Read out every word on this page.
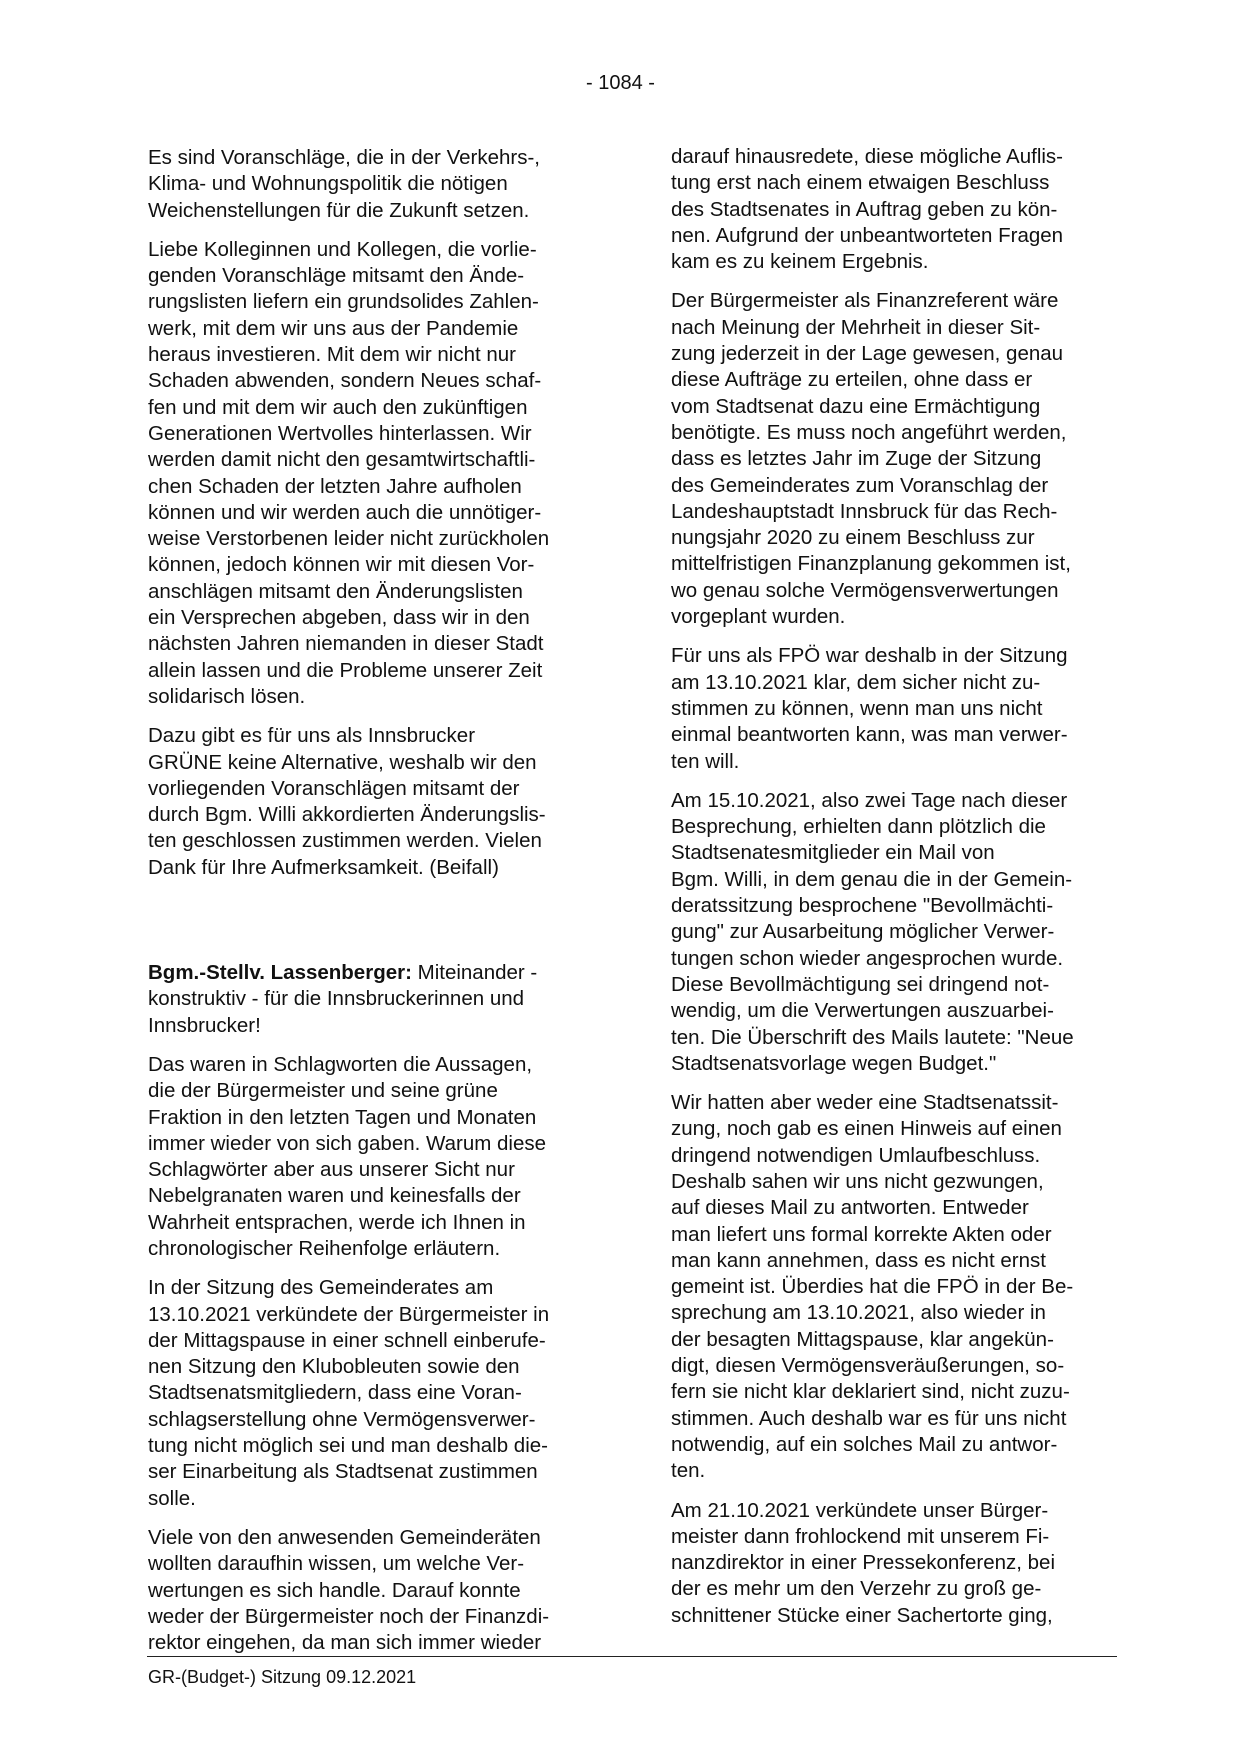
- 1084 -

Es sind Voranschläge, die in der Verkehrs-,
Klima- und Wohnungspolitik die nötigen
Weichenstellungen für die Zukunft setzen.

Liebe Kolleginnen und Kollegen, die vorlie-
genden Voranschläge mitsamt den Ände-
rungslisten liefern ein grundsolides Zahlen-
werk, mit dem wir uns aus der Pandemie
heraus investieren. Mit dem wir nicht nur
Schaden abwenden, sondern Neues schaf-
fen und mit dem wir auch den zukünftigen
Generationen Wertvolles hinterlassen. Wir
werden damit nicht den gesamtwirtschaftli-
chen Schaden der letzten Jahre aufholen
können und wir werden auch die unnötiger-
weise Verstorbenen leider nicht zurückholen
können, jedoch können wir mit diesen Vor-
anschlägen mitsamt den Änderungslisten
ein Versprechen abgeben, dass wir in den
nächsten Jahren niemanden in dieser Stadt
allein lassen und die Probleme unserer Zeit
solidarisch lösen.

Dazu gibt es für uns als Innsbrucker
GRÜNE keine Alternative, weshalb wir den
vorliegenden Voranschlägen mitsamt der
durch Bgm. Willi akkordierten Änderungslis-
ten geschlossen zustimmen werden. Vielen
Dank für Ihre Aufmerksamkeit. (Beifall)

Bgm.-Stellv. Lassenberger: Miteinander -
konstruktiv - für die Innsbruckerinnen und
Innsbrucker!

Das waren in Schlagworten die Aussagen,
die der Bürgermeister und seine grüne
Fraktion in den letzten Tagen und Monaten
immer wieder von sich gaben. Warum diese
Schlagwörter aber aus unserer Sicht nur
Nebelgranaten waren und keinesfalls der
Wahrheit entsprachen, werde ich Ihnen in
chronologischer Reihenfolge erläutern.

In der Sitzung des Gemeinderates am
13.10.2021 verkündete der Bürgermeister in
der Mittagspause in einer schnell einberufe-
nen Sitzung den Klubobleuten sowie den
Stadtsenatsmitgliedern, dass eine Voran-
schlagserstellung ohne Vermögensverwer-
tung nicht möglich sei und man deshalb die-
ser Einarbeitung als Stadtsenat zustimmen
solle.

Viele von den anwesenden Gemeinderäten
wollten daraufhin wissen, um welche Ver-
wertungen es sich handle. Darauf konnte
weder der Bürgermeister noch der Finanzdi-
rektor eingehen, da man sich immer wieder

darauf hinausredete, diese mögliche Auflis-
tung erst nach einem etwaigen Beschluss
des Stadtsenates in Auftrag geben zu kön-
nen. Aufgrund der unbeantworteten Fragen
kam es zu keinem Ergebnis.

Der Bürgermeister als Finanzreferent wäre
nach Meinung der Mehrheit in dieser Sit-
zung jederzeit in der Lage gewesen, genau
diese Aufträge zu erteilen, ohne dass er
vom Stadtsenat dazu eine Ermächtigung
benötigte. Es muss noch angeführt werden,
dass es letztes Jahr im Zuge der Sitzung
des Gemeinderates zum Voranschlag der
Landeshauptstadt Innsbruck für das Rech-
nungsjahr 2020 zu einem Beschluss zur
mittelfristigen Finanzplanung gekommen ist,
wo genau solche Vermögensverwertungen
vorgeplant wurden.

Für uns als FPÖ war deshalb in der Sitzung
am 13.10.2021 klar, dem sicher nicht zu-
stimmen zu können, wenn man uns nicht
einmal beantworten kann, was man verwer-
ten will.

Am 15.10.2021, also zwei Tage nach dieser
Besprechung, erhielten dann plötzlich die
Stadtsenatesmitglieder ein Mail von
Bgm. Willi, in dem genau die in der Gemein-
deratssitzung besprochene "Bevollmächti-
gung" zur Ausarbeitung möglicher Verwer-
tungen schon wieder angesprochen wurde.
Diese Bevollmächtigung sei dringend not-
wendig, um die Verwertungen auszuarbei-
ten. Die Überschrift des Mails lautete: "Neue
Stadtsenatsvorlage wegen Budget."

Wir hatten aber weder eine Stadtsenatssit-
zung, noch gab es einen Hinweis auf einen
dringend notwendigen Umlaufbeschluss.
Deshalb sahen wir uns nicht gezwungen,
auf dieses Mail zu antworten. Entweder
man liefert uns formal korrekte Akten oder
man kann annehmen, dass es nicht ernst
gemeint ist. Überdies hat die FPÖ in der Be-
sprechung am 13.10.2021, also wieder in
der besagten Mittagspause, klar angekün-
digt, diesen Vermögensveräußerungen, so-
fern sie nicht klar deklariert sind, nicht zuzu-
stimmen. Auch deshalb war es für uns nicht
notwendig, auf ein solches Mail zu antwor-
ten.

Am 21.10.2021 verkündete unser Bürger-
meister dann frohlockend mit unserem Fi-
nanzdirektor in einer Pressekonferenz, bei
der es mehr um den Verzehr zu groß ge-
schnittener Stücke einer Sachertorte ging,

GR-(Budget-) Sitzung 09.12.2021
